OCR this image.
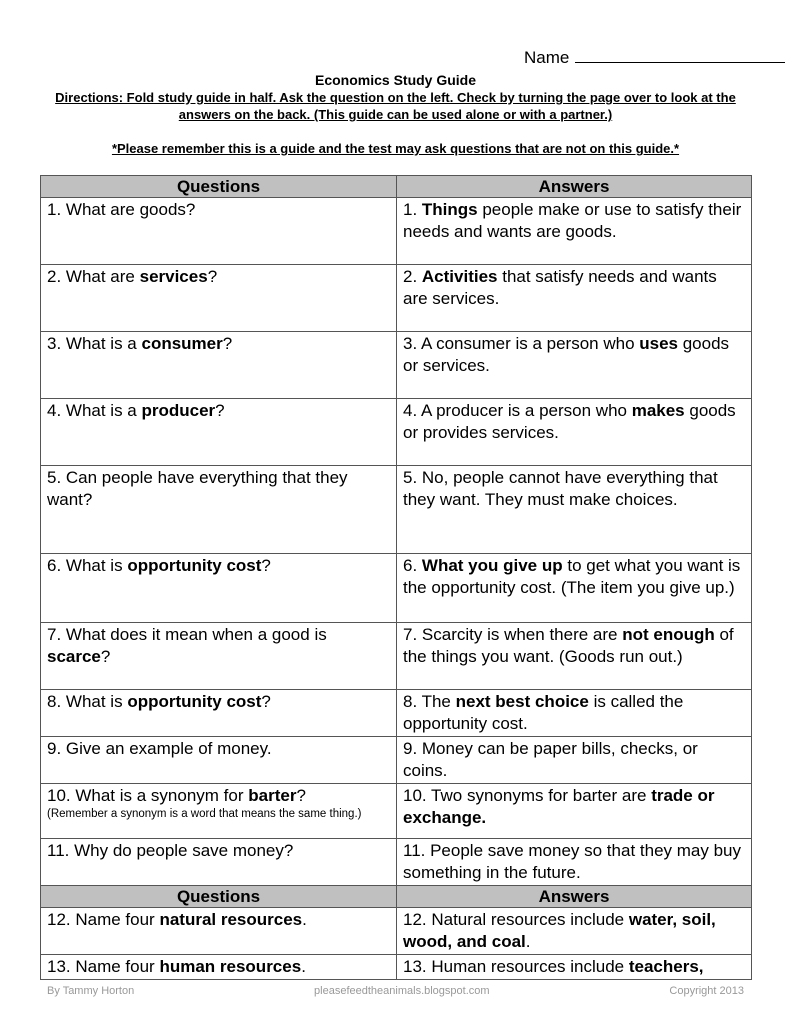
Name
Economics Study Guide
Directions: Fold study guide in half. Ask the question on the left. Check by turning the page over to look at the answers on the back. (This guide can be used alone or with a partner.)
*Please remember this is a guide and the test may ask questions that are not on this guide.*
Questions	Answers
1. What are goods?	1. Things people make or use to satisfy their needs and wants are goods.
2. What are services?	2. Activities that satisfy needs and wants are services.
3. What is a consumer?	3. A consumer is a person who uses goods or services.
4. What is a producer?	4. A producer is a person who makes goods or provides services.
5. Can people have everything that they want?	5. No, people cannot have everything that they want. They must make choices.
6. What is opportunity cost?	6. What you give up to get what you want is the opportunity cost. (The item you give up.)
7. What does it mean when a good is scarce?	7. Scarcity is when there are not enough of the things you want. (Goods run out.)
8. What is opportunity cost?	8. The next best choice is called the opportunity cost.
9. Give an example of money.	9. Money can be paper bills, checks, or coins.
10. What is a synonym for barter?
(Remember a synonym is a word that means the same thing.)	10. Two synonyms for barter are trade or exchange.
11. Why do people save money?	11. People save money so that they may buy something in the future.
Questions	Answers
12. Name four natural resources.	12. Natural resources include water, soil, wood, and coal.
13. Name four human resources.	13. Human resources include teachers,
By Tammy Horton	pleasefeedtheanimals.blogspot.com	Copyright 2013
